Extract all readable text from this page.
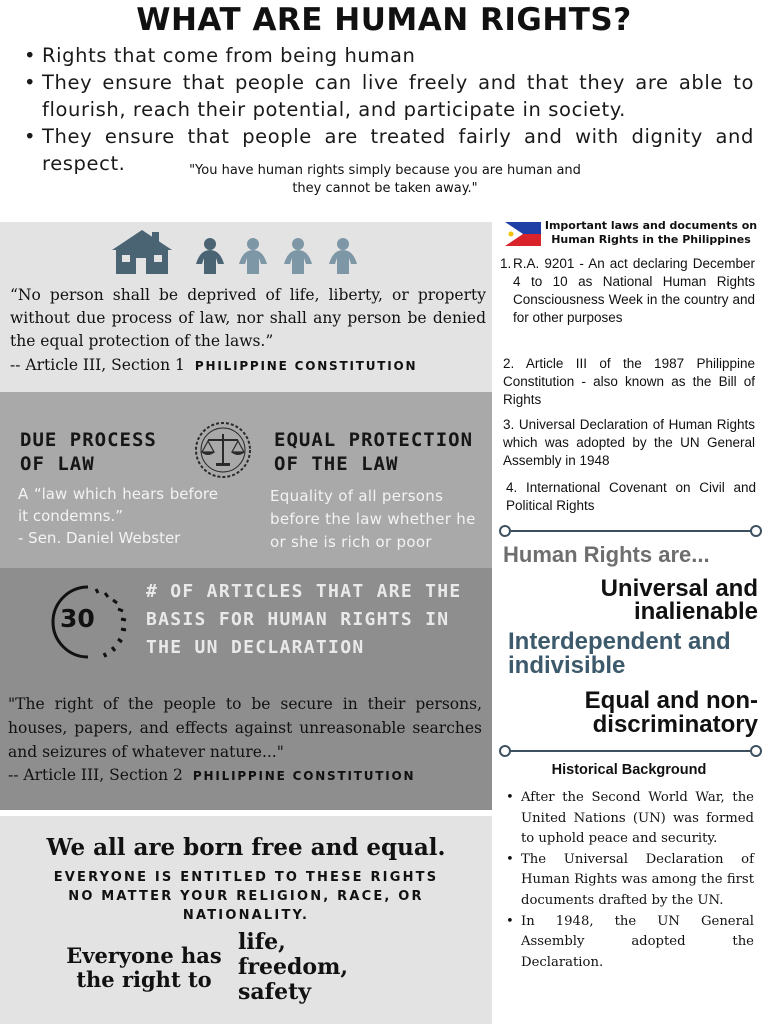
WHAT ARE HUMAN RIGHTS?
• Rights that come from being human
• They ensure that people can live freely and that they are able to flourish, reach their potential, and participate in society.
• They ensure that people are treated fairly and with dignity and respect.	"You have human rights simply because you are human and they cannot be taken away."
“No person shall be deprived of life, liberty, or property without due process of law, nor shall any person be denied the equal protection of the laws.”
-- Article III, Section 1 PHILIPPINE CONSTITUTION
DUE PROCESS OF LAW
A “law which hears before it condemns.”
- Sen. Daniel Webster
EQUAL PROTECTION OF THE LAW
Equality of all persons before the law whether he or she is rich or poor
30
# OF ARTICLES THAT ARE THE BASIS FOR HUMAN RIGHTS IN THE UN DECLARATION
"The right of the people to be secure in their persons, houses, papers, and effects against unreasonable searches and seizures of whatever nature..."
-- Article III, Section 2 PHILIPPINE CONSTITUTION
We all are born free and equal.
EVERYONE IS ENTITLED TO THESE RIGHTS NO MATTER YOUR RELIGION, RACE, OR NATIONALITY.
Everyone has the right to
life,
freedom,
safety
Important laws and documents on Human Rights in the Philippines
1. R.A. 9201 - An act declaring December 4 to 10 as National Human Rights Consciousness Week in the country and for other purposes
2. Article III of the 1987 Philippine Constitution - also known as the Bill of Rights
3. Universal Declaration of Human Rights which was adopted by the UN General Assembly in 1948
4. International Covenant on Civil and Political Rights
Human Rights are...
Universal and inalienable
Interdependent and indivisible
Equal and non-discriminatory
Historical Background
• After the Second World War, the United Nations (UN) was formed to uphold peace and security.
• The Universal Declaration of Human Rights was among the first documents drafted by the UN.
• In 1948, the UN General Assembly adopted the Declaration.
